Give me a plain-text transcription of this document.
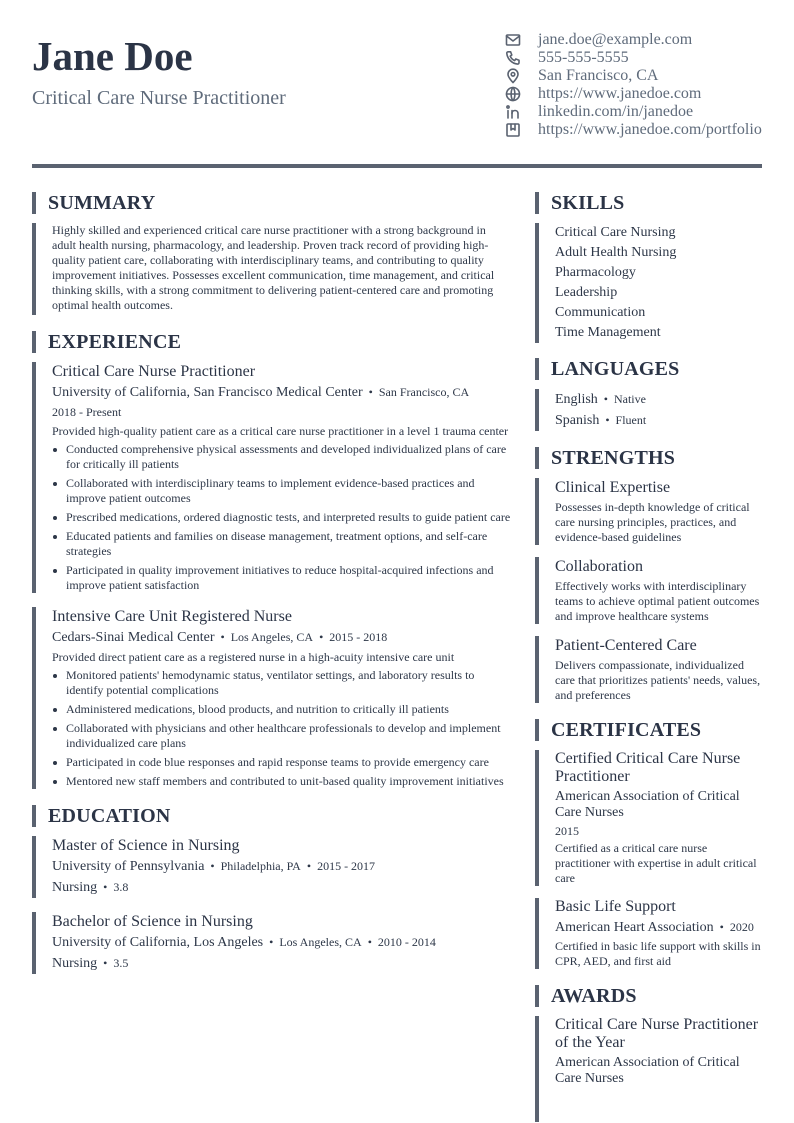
Jane Doe
Critical Care Nurse Practitioner
jane.doe@example.com
555-555-5555
San Francisco, CA
https://www.janedoe.com
linkedin.com/in/janedoe
https://www.janedoe.com/portfolio
SUMMARY
Highly skilled and experienced critical care nurse practitioner with a strong background in adult health nursing, pharmacology, and leadership. Proven track record of providing high-quality patient care, collaborating with interdisciplinary teams, and contributing to quality improvement initiatives. Possesses excellent communication, time management, and critical thinking skills, with a strong commitment to delivering patient-centered care and promoting optimal health outcomes.
EXPERIENCE
Critical Care Nurse Practitioner
University of California, San Francisco Medical Center • San Francisco, CA
2018 - Present
Provided high-quality patient care as a critical care nurse practitioner in a level 1 trauma center
Conducted comprehensive physical assessments and developed individualized plans of care for critically ill patients
Collaborated with interdisciplinary teams to implement evidence-based practices and improve patient outcomes
Prescribed medications, ordered diagnostic tests, and interpreted results to guide patient care
Educated patients and families on disease management, treatment options, and self-care strategies
Participated in quality improvement initiatives to reduce hospital-acquired infections and improve patient satisfaction
Intensive Care Unit Registered Nurse
Cedars-Sinai Medical Center • Los Angeles, CA • 2015 - 2018
Provided direct patient care as a registered nurse in a high-acuity intensive care unit
Monitored patients' hemodynamic status, ventilator settings, and laboratory results to identify potential complications
Administered medications, blood products, and nutrition to critically ill patients
Collaborated with physicians and other healthcare professionals to develop and implement individualized care plans
Participated in code blue responses and rapid response teams to provide emergency care
Mentored new staff members and contributed to unit-based quality improvement initiatives
EDUCATION
Master of Science in Nursing
University of Pennsylvania • Philadelphia, PA • 2015 - 2017
Nursing • 3.8
Bachelor of Science in Nursing
University of California, Los Angeles • Los Angeles, CA • 2010 - 2014
Nursing • 3.5
SKILLS
Critical Care Nursing
Adult Health Nursing
Pharmacology
Leadership
Communication
Time Management
LANGUAGES
English • Native
Spanish • Fluent
STRENGTHS
Clinical Expertise
Possesses in-depth knowledge of critical care nursing principles, practices, and evidence-based guidelines
Collaboration
Effectively works with interdisciplinary teams to achieve optimal patient outcomes and improve healthcare systems
Patient-Centered Care
Delivers compassionate, individualized care that prioritizes patients' needs, values, and preferences
CERTIFICATES
Certified Critical Care Nurse Practitioner
American Association of Critical Care Nurses
2015
Certified as a critical care nurse practitioner with expertise in adult critical care
Basic Life Support
American Heart Association • 2020
Certified in basic life support with skills in CPR, AED, and first aid
AWARDS
Critical Care Nurse Practitioner of the Year
American Association of Critical Care Nurses
